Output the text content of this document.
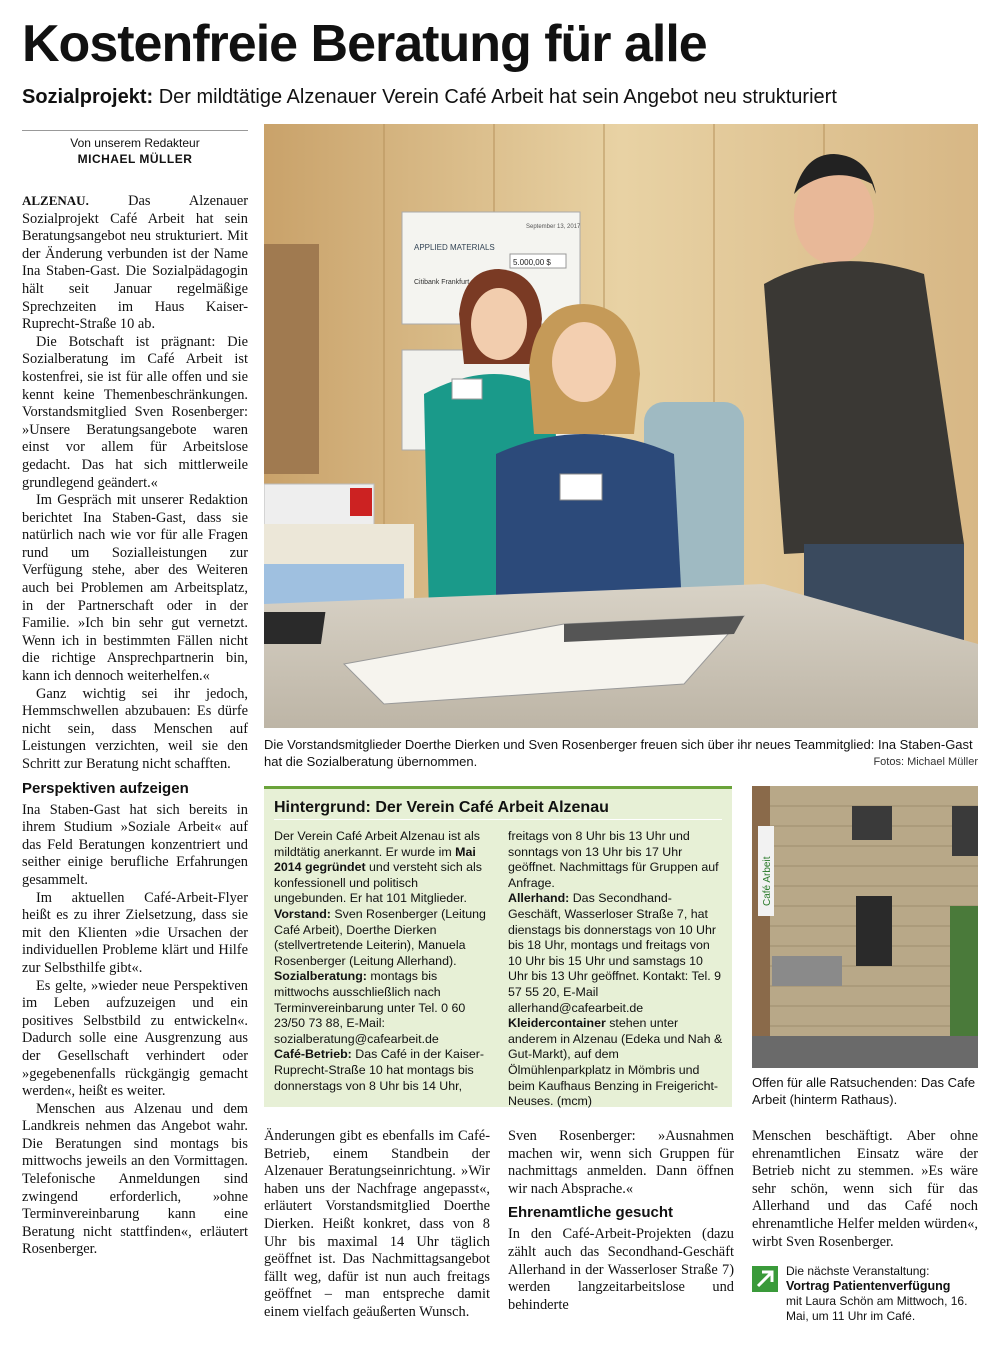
Kostenfreie Beratung für alle
Sozialprojekt: Der mildtätige Alzenauer Verein Café Arbeit hat sein Angebot neu strukturiert
Von unserem Redakteur
MICHAEL MÜLLER

ALZENAU.	Das Alzenauer Sozialprojekt Café Arbeit hat sein Beratungsangebot neu strukturiert. Mit der Änderung verbunden ist der Name Ina Staben-Gast. Die Sozialpädagogin hält seit Januar regelmäßige Sprechzeiten im Haus Kaiser-Ruprecht-Straße 10 ab.

Die Botschaft ist prägnant: Die Sozialberatung im Café Arbeit ist kostenfrei, sie ist für alle offen und sie kennt keine Themenbeschränkungen. Vorstandsmitglied Sven Rosenberger: »Unsere Beratungsangebote waren einst vor allem für Arbeitslose gedacht. Das hat sich mittlerweile grundlegend geändert.«

Im Gespräch mit unserer Redaktion berichtet Ina Staben-Gast, dass sie natürlich nach wie vor für alle Fragen rund um Sozialleistungen zur Verfügung stehe, aber des Weiteren auch bei Problemen am Arbeitsplatz, in der Partnerschaft oder in der Familie. »Ich bin sehr gut vernetzt. Wenn ich in bestimmten Fällen nicht die richtige Ansprechpartnerin bin, kann ich dennoch weiterhelfen.«

Ganz wichtig sei ihr jedoch, Hemmschwellen abzubauen: Es dürfe nicht sein, dass Menschen auf Leistungen verzichten, weil sie den Schritt zur Beratung nicht schafften.

Perspektiven aufzeigen

Ina Staben-Gast hat sich bereits in ihrem Studium »Soziale Arbeit« auf das Feld Beratungen konzentriert und seither einige berufliche Erfahrungen gesammelt.

Im aktuellen Café-Arbeit-Flyer heißt es zu ihrer Zielsetzung, dass sie mit den Klienten »die Ursachen der individuellen Probleme klärt und Hilfe zur Selbsthilfe gibt«.

Es gelte, »wieder neue Perspektiven im Leben aufzuzeigen und ein positives Selbstbild zu entwickeln«. Dadurch solle eine Ausgrenzung aus der Gesellschaft verhindert oder »gegebenenfalls rückgängig gemacht werden«, heißt es weiter.

Menschen aus Alzenau und dem Landkreis nehmen das Angebot wahr. Die Beratungen sind montags bis mittwochs jeweils an den Vormittagen. Telefonische Anmeldungen sind zwingend erforderlich, »ohne Terminvereinbarung kann eine Beratung nicht stattfinden«, erläutert Rosenberger.

APPLIED MATERIALS
September 13, 2017
5.000,00 $
Citibank Frankfurt
Die Vorstandsmitglieder Doerthe Dierken und Sven Rosenberger freuen sich über ihr neues Teammitglied: Ina Staben-Gast hat die Sozialberatung übernommen.	Fotos: Michael Müller
Hintergrund: Der Verein Café Arbeit Alzenau
Der Verein Café Arbeit Alzenau ist als mildtätig anerkannt. Er wurde im Mai 2014 gegründet und versteht sich als konfessionell und politisch ungebunden. Er hat 101 Mitglieder.
Vorstand: Sven Rosenberger (Leitung Café Arbeit), Doerthe Dierken (stellvertretende Leiterin), Manuela Rosenberger (Leitung Allerhand).
Sozialberatung: montags bis mittwochs ausschließlich nach Terminvereinbarung unter Tel. 0 60 23/50 73 88, E-Mail: sozialberatung@cafearbeit.de
Café-Betrieb: Das Café in der Kaiser-Ruprecht-Straße 10 hat montags bis donnerstags von 8 Uhr bis 14 Uhr,
freitags von 8 Uhr bis 13 Uhr und sonntags von 13 Uhr bis 17 Uhr geöffnet. Nachmittags für Gruppen auf Anfrage.
Allerhand: Das Secondhand-Geschäft, Wasserloser Straße 7, hat dienstags bis donnerstags von 10 Uhr bis 18 Uhr, montags und freitags von 10 Uhr bis 15 Uhr und samstags 10 Uhr bis 13 Uhr geöffnet. Kontakt: Tel. 9 57 55 20, E-Mail allerhand@cafearbeit.de
Kleidercontainer stehen unter anderem in Alzenau (Edeka und Nah & Gut-Markt), auf dem Ölmühlenparkplatz in Mömbris und beim Kaufhaus Benzing in Freigericht-Neuses. (mcm)
Café Arbeit
Offen für alle Ratsuchenden: Das Cafe Arbeit (hinterm Rathaus).

Änderungen gibt es ebenfalls im Café-Betrieb, einem Standbein der Alzenauer Beratungseinrichtung. »Wir haben uns der Nachfrage angepasst«, erläutert Vorstandsmitglied Doerthe Dierken. Heißt konkret, dass von 8 Uhr bis maximal 14 Uhr täglich geöffnet ist. Das Nachmittagsangebot fällt weg, dafür ist nun auch freitags geöffnet – man entspreche damit einem vielfach geäußerten Wunsch.

Sven Rosenberger: »Ausnahmen machen wir, wenn sich Gruppen für nachmittags anmelden. Dann öffnen wir nach Absprache.«

Ehrenamtliche gesucht

In den Café-Arbeit-Projekten (dazu zählt auch das Secondhand-Geschäft Allerhand in der Wasserloser Straße 7) werden langzeitarbeitslose und behinderte

Menschen beschäftigt. Aber ohne ehrenamtlichen Einsatz wäre der Betrieb nicht zu stemmen. »Es wäre sehr schön, wenn sich für das Allerhand und das Café noch ehrenamtliche Helfer melden würden«, wirbt Sven Rosenberger.

Die nächste Veranstaltung:
Vortrag Patientenverfügung
mit Laura Schön am Mittwoch, 16. Mai, um 11 Uhr im Café.
